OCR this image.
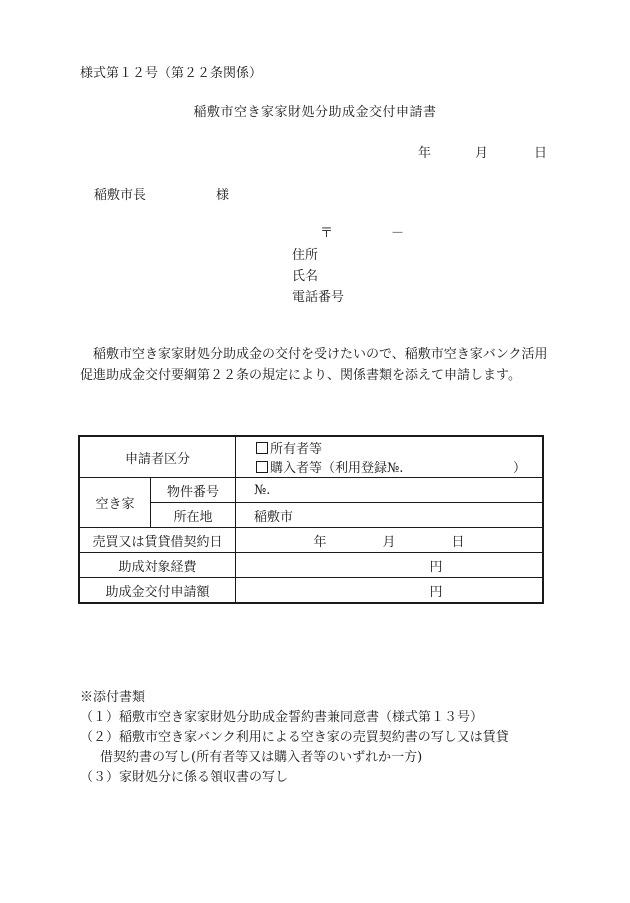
様式第１２号（第２２条関係）
稲敷市空き家家財処分助成金交付申請書
年	月	日
稲敷市長	様
〒	－
住所
氏名
電話番号
稲敷市空き家家財処分助成金の交付を受けたいので、稲敷市空き家バンク活用促進助成金交付要綱第２２条の規定により、関係書類を添えて申請します。
申請者区分		所有者等
購入者等（利用登録№. ）

空き家	物件番号	№.
	所在地	稲敷市
売買又は賃貸借契約日		年 月 日
助成対象経費		円
助成金交付申請額		円
※添付書類
（１）稲敷市空き家家財処分助成金誓約書兼同意書（様式第１３号）
（２）稲敷市空き家バンク利用による空き家の売買契約書の写し又は賃貸
借契約書の写し(所有者等又は購入者等のいずれか一方)
（３）家財処分に係る領収書の写し
